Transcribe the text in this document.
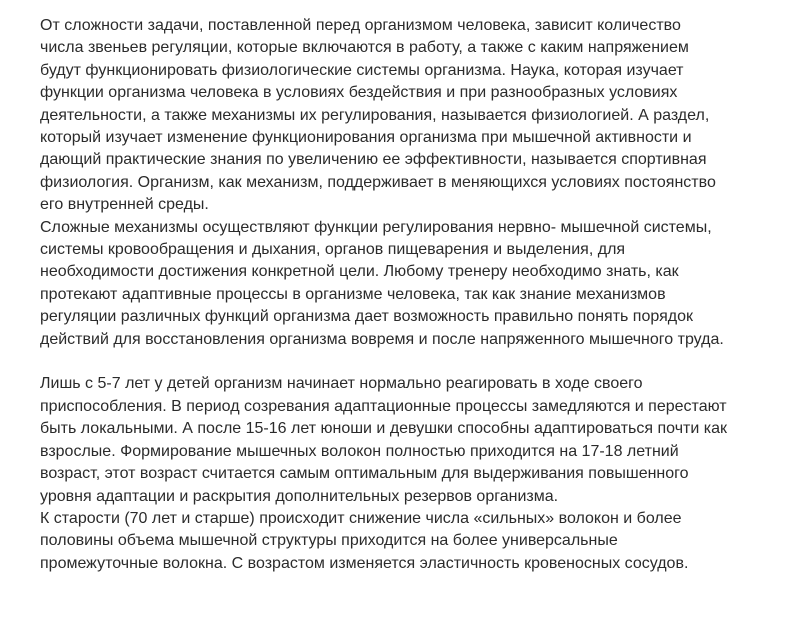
От сложности задачи, поставленной перед организмом человека, зависит количество
числа звеньев регуляции, которые включаются в работу, а также с каким напряжением
будут функционировать физиологические системы организма. Наука, которая изучает
функции организма человека в условиях бездействия и при разнообразных условиях
деятельности, а также механизмы их регулирования, называется физиологией. А раздел,
который изучает изменение функционирования организма при мышечной активности и
дающий практические знания по увеличению ее эффективности, называется спортивная
физиология. Организм, как механизм, поддерживает в меняющихся условиях постоянство
его внутренней среды.
Сложные механизмы осуществляют функции регулирования нервно- мышечной системы,
системы кровообращения и дыхания, органов пищеварения и выделения, для
необходимости достижения конкретной цели. Любому тренеру необходимо знать, как
протекают адаптивные процессы в организме человека, так как знание механизмов
регуляции различных функций организма дает возможность правильно понять порядок
действий для восстановления организма вовремя и после напряженного мышечного труда.
Лишь с 5-7 лет у детей организм начинает нормально реагировать в ходе своего
приспособления. В период созревания адаптационные процессы замедляются и перестают
быть локальными. А после 15-16 лет юноши и девушки способны адаптироваться почти как
взрослые. Формирование мышечных волокон полностью приходится на 17-18 летний
возраст, этот возраст считается самым оптимальным для выдерживания повышенного
уровня адаптации и раскрытия дополнительных резервов организма.
К старости (70 лет и старше) происходит снижение числа «сильных» волокон и более
половины объема мышечной структуры приходится на более универсальные
промежуточные волокна. С возрастом изменяется эластичность кровеносных сосудов.
